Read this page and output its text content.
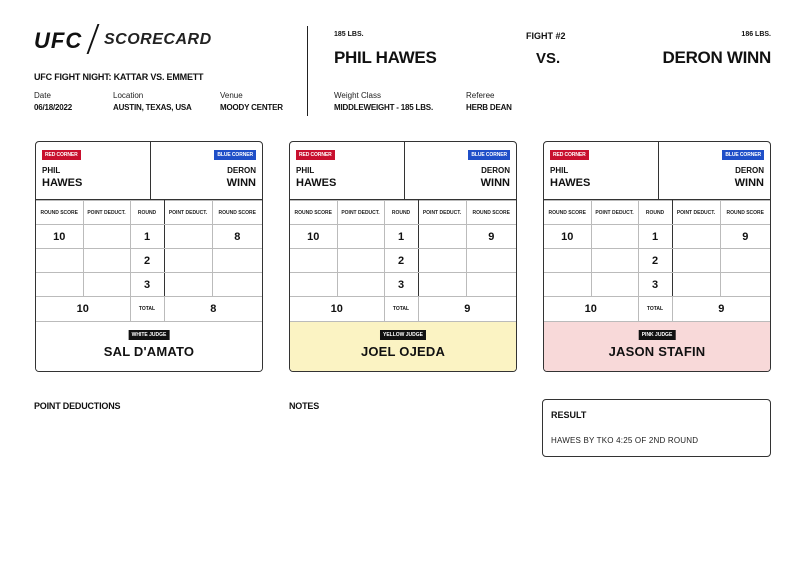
UFC SCORECARD
UFC FIGHT NIGHT: KATTAR VS. EMMETT
Date
06/18/2022
Location
AUSTIN, TEXAS, USA
Venue
MOODY CENTER
185 LBS.
PHIL HAWES
FIGHT #2
VS.
186 LBS.
DERON WINN
Weight Class
MIDDLEWEIGHT - 185 LBS.
Referee
HERB DEAN
RED CORNER
PHIL
HAWES
BLUE CORNER
DERON
WINN
ROUND SCORE	POINT DEDUCT.	ROUND	POINT DEDUCT.	ROUND SCORE
10		1		8
		2		
		3		
10		TOTAL	8	
WHITE JUDGE
SAL D'AMATO
RED CORNER
PHIL
HAWES
BLUE CORNER
DERON
WINN
ROUND SCORE	POINT DEDUCT.	ROUND	POINT DEDUCT.	ROUND SCORE
10		1		9
		2		
		3		
10		TOTAL	9	
YELLOW JUDGE
JOEL OJEDA
RED CORNER
PHIL
HAWES
BLUE CORNER
DERON
WINN
ROUND SCORE	POINT DEDUCT.	ROUND	POINT DEDUCT.	ROUND SCORE
10		1		9
		2		
		3		
10		TOTAL	9	
PINK JUDGE
JASON STAFIN
POINT DEDUCTIONS	NOTES
RESULT
HAWES BY TKO 4:25 OF 2ND ROUND
